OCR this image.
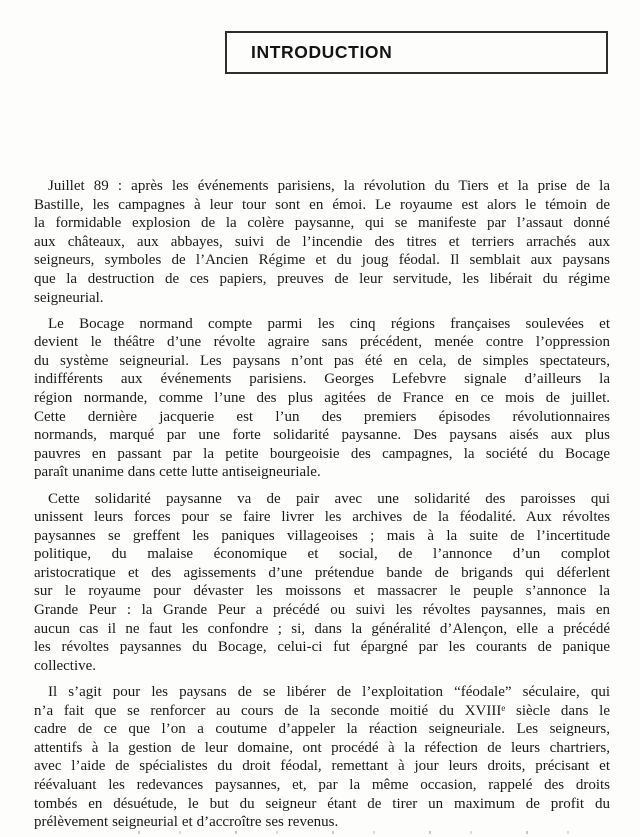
INTRODUCTION
Juillet 89 : après les événements parisiens, la révolution du Tiers et la prise de la
Bastille, les campagnes à leur tour sont en émoi. Le royaume est alors le témoin de
la formidable explosion de la colère paysanne, qui se manifeste par l’assaut donné
aux châteaux, aux abbayes, suivi de l’incendie des titres et terriers arrachés aux
seigneurs, symboles de l’Ancien Régime et du joug féodal. Il semblait aux paysans
que la destruction de ces papiers, preuves de leur servitude, les libérait du régime
seigneurial.
Le Bocage normand compte parmi les cinq régions françaises soulevées et
devient le théâtre d’une révolte agraire sans précédent, menée contre l’oppression
du système seigneurial. Les paysans n’ont pas été en cela, de simples spectateurs,
indifférents aux événements parisiens. Georges Lefebvre signale d’ailleurs la
région normande, comme l’une des plus agitées de France en ce mois de juillet.
Cette dernière jacquerie est l’un des premiers épisodes révolutionnaires
normands, marqué par une forte solidarité paysanne. Des paysans aisés aux plus
pauvres en passant par la petite bourgeoisie des campagnes, la société du Bocage
paraît unanime dans cette lutte antiseigneuriale.
Cette solidarité paysanne va de pair avec une solidarité des paroisses qui
unissent leurs forces pour se faire livrer les archives de la féodalité. Aux révoltes
paysannes se greffent les paniques villageoises ; mais à la suite de l’incertitude
politique, du malaise économique et social, de l’annonce d’un complot
aristocratique et des agissements d’une prétendue bande de brigands qui déferlent
sur le royaume pour dévaster les moissons et massacrer le peuple s’annonce la
Grande Peur : la Grande Peur a précédé ou suivi les révoltes paysannes, mais en
aucun cas il ne faut les confondre ; si, dans la généralité d’Alençon, elle a précédé
les révoltes paysannes du Bocage, celui-ci fut épargné par les courants de panique
collective.
Il s’agit pour les paysans de se libérer de l’exploitation “féodale” séculaire, qui
n’a fait que se renforcer au cours de la seconde moitié du XVIIIᵉ siècle dans le
cadre de ce que l’on a coutume d’appeler la réaction seigneuriale. Les seigneurs,
attentifs à la gestion de leur domaine, ont procédé à la réfection de leurs chartriers,
avec l’aide de spécialistes du droit féodal, remettant à jour leurs droits, précisant et
réévaluant les redevances paysannes, et, par la même occasion, rappelé des droits
tombés en désuétude, le but du seigneur étant de tirer un maximum de profit du
prélèvement seigneurial et d’accroître ses revenus.
